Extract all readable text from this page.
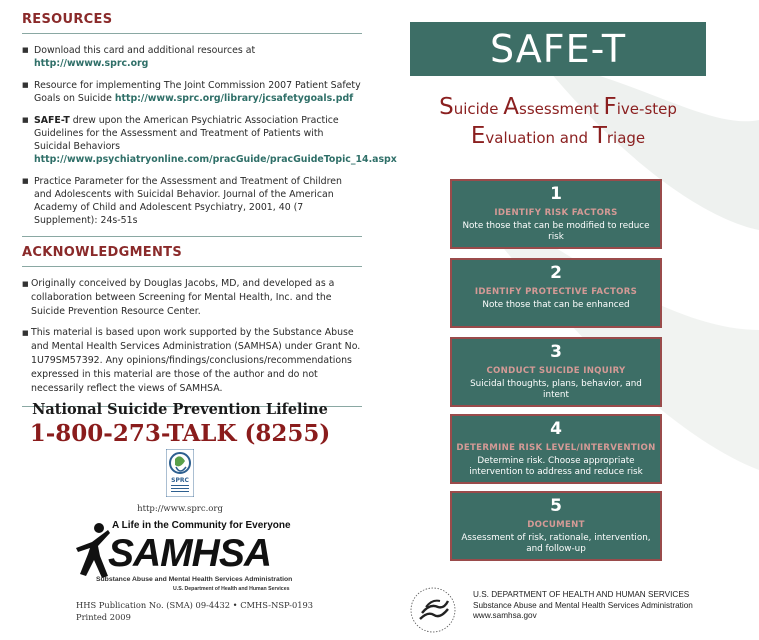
RESOURCES
■ Download this card and additional resources at http://wwww.sprc.org
■ Resource for implementing The Joint Commission 2007 Patient Safety Goals on Suicide http://www.sprc.org/library/jcsafetygoals.pdf
■ SAFE-T drew upon the American Psychiatric Association Practice Guidelines for the Assessment and Treatment of Patients with Suicidal Behaviors http://www.psychiatryonline.com/pracGuide/pracGuideTopic_14.aspx
■ Practice Parameter for the Assessment and Treatment of Children and Adolescents with Suicidal Behavior. Journal of the American Academy of Child and Adolescent Psychiatry, 2001, 40 (7 Supplement): 24s-51s
ACKNOWLEDGMENTS
■ Originally conceived by Douglas Jacobs, MD, and developed as a collaboration between Screening for Mental Health, Inc. and the Suicide Prevention Resource Center.
■ This material is based upon work supported by the Substance Abuse and Mental Health Services Administration (SAMHSA) under Grant No. 1U79SM57392. Any opinions/findings/conclusions/recommendations expressed in this material are those of the author and do not necessarily reflect the views of SAMHSA.
National Suicide Prevention Lifeline
1-800-273-TALK (8255)
SPRC
http://www.sprc.org
A Life in the Community for Everyone
SAMHSA
Substance Abuse and Mental Health Services Administration
U.S. Department of Health and Human Services
HHS Publication No. (SMA) 09-4432 • CMHS-NSP-0193
Printed 2009
SAFE-T
Suicide Assessment Five-step
Evaluation and Triage
1
IDENTIFY RISK FACTORS
Note those that can be modified to reduce risk
2
IDENTIFY PROTECTIVE FACTORS
Note those that can be enhanced
3
CONDUCT SUICIDE INQUIRY
Suicidal thoughts, plans, behavior, and intent
4
DETERMINE RISK LEVEL/INTERVENTION
Determine risk. Choose appropriate intervention to address and reduce risk
5
DOCUMENT
Assessment of risk, rationale, intervention, and follow-up
U.S. DEPARTMENT OF HEALTH AND HUMAN SERVICES
Substance Abuse and Mental Health Services Administration
www.samhsa.gov
